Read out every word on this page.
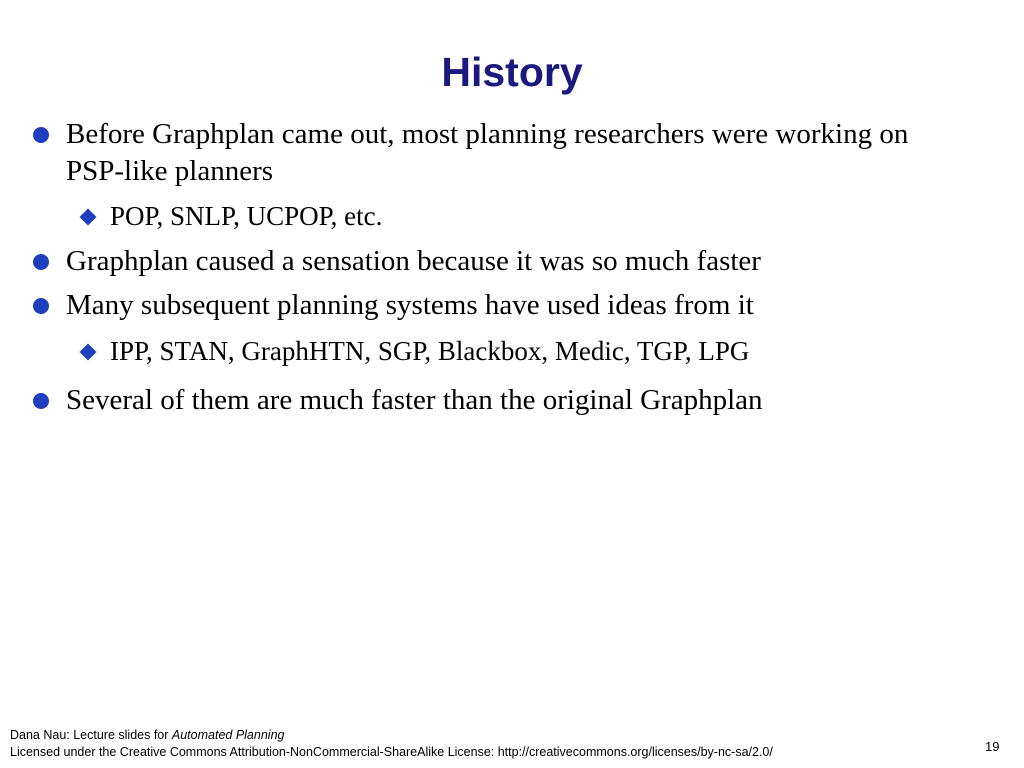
History
Before Graphplan came out, most planning researchers were working on PSP-like planners
POP, SNLP, UCPOP, etc.
Graphplan caused a sensation because it was so much faster
Many subsequent planning systems have used ideas from it
IPP, STAN, GraphHTN, SGP, Blackbox, Medic, TGP, LPG
Several of them are much faster than the original Graphplan
Dana Nau: Lecture slides for Automated Planning
Licensed under the Creative Commons Attribution-NonCommercial-ShareAlike License: http://creativecommons.org/licenses/by-nc-sa/2.0/	19
